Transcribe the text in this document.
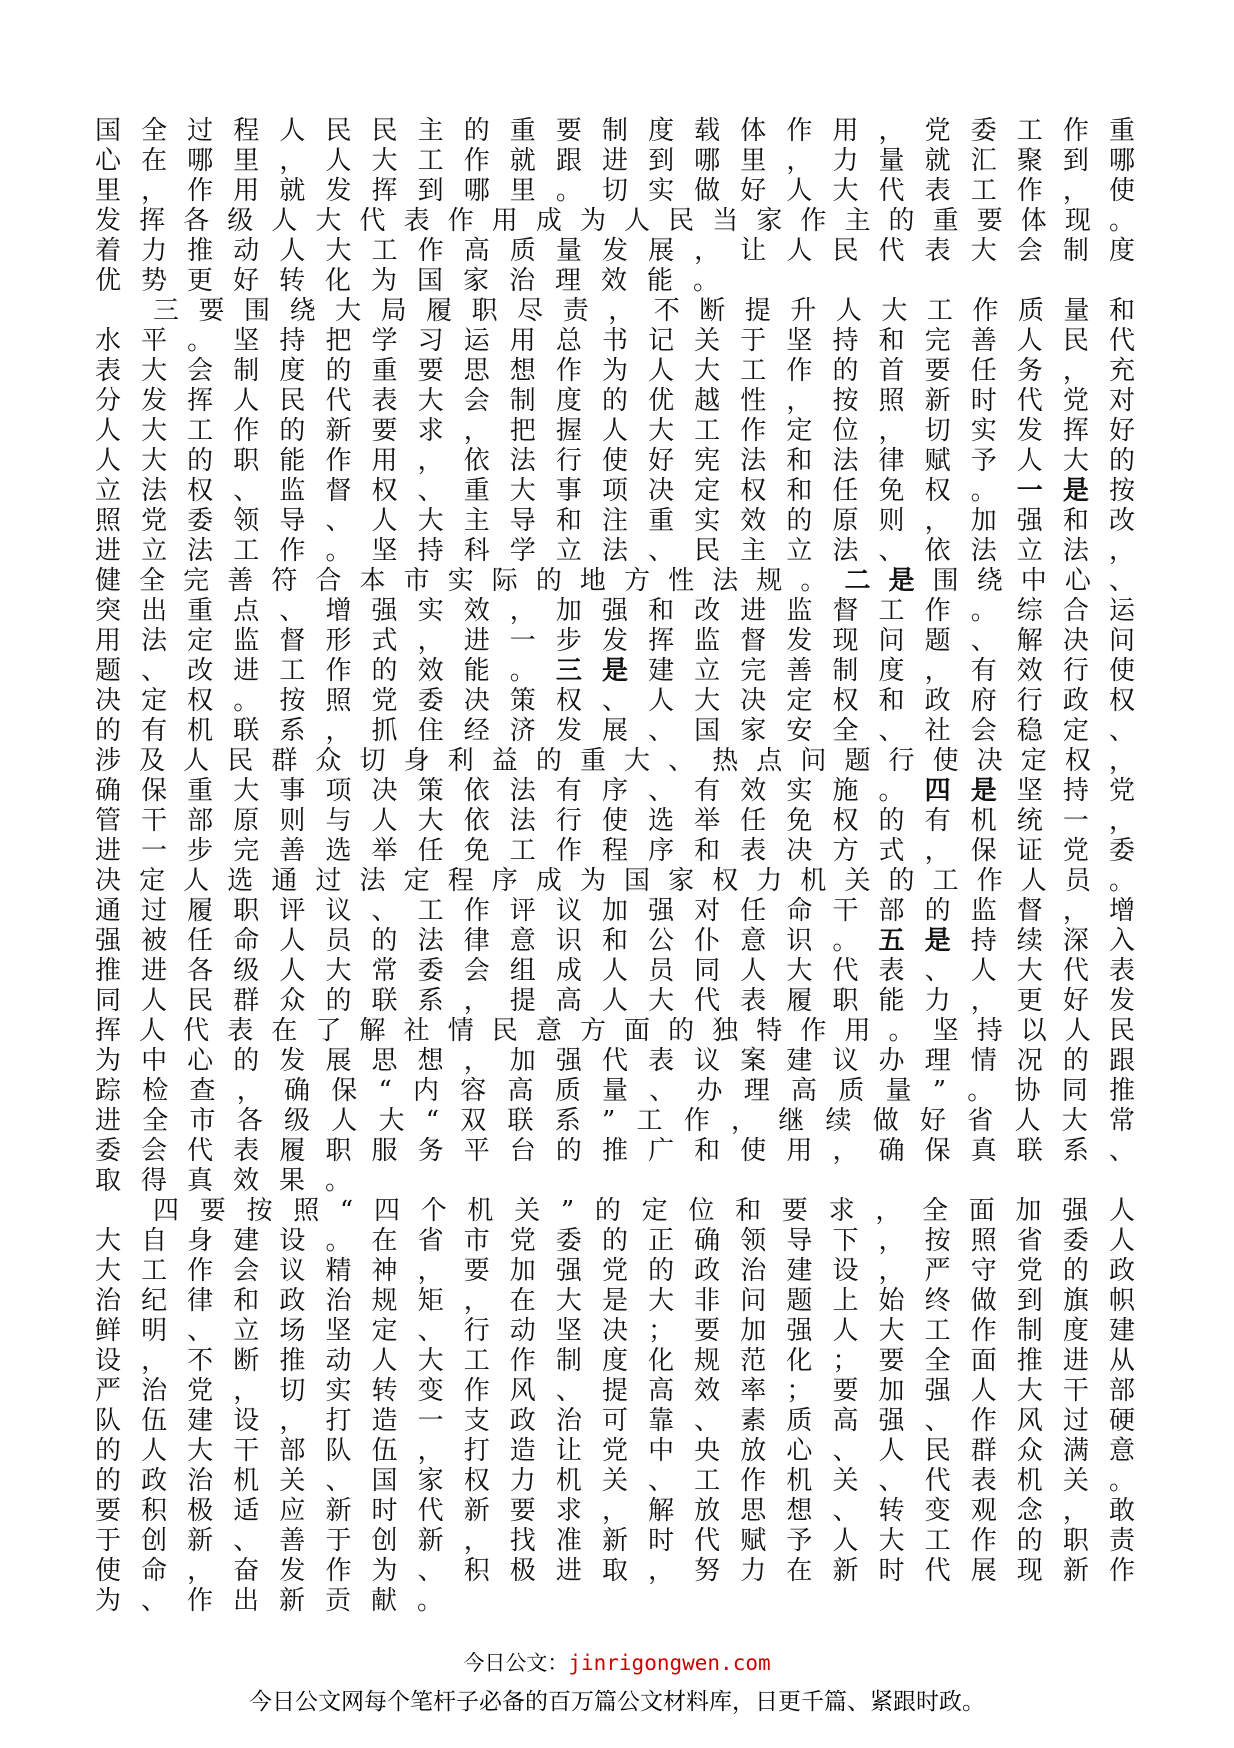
国全过程人民民主的重要制度载体作用，党委工作重
心在哪里，人大工作就跟进到哪里，力量就汇聚到哪
里，作用就发挥到哪里。切实做好人大代表工作，使
发挥各级人大代表作用成为人民当家作主的重要体现。
着力推动人大工作高质量发展，让人民代表大会制度
优势更好转化为国家治理效能。
三要围绕大局履职尽责，不断提升人大工作质量和
水平。坚持把学习运用总书记关于坚持和完善人民代
表大会制度的重要思想作为人大工作的首要任务，充
分发挥人民代表大会制度的优越性，按照新时代党对
人大工作的新要求，把握人大工作定位，切实发挥好
人大的职能作用，依法行使好宪法和法律赋予人大的
立法权、监督权、重大事项决定权和任免权。一是按
照党委领导、人大主导和注重实效的原则，加强和改
进立法工作。坚持科学立法、民主立法、依法立法，
健全完善符合本市实际的地方性法规。二是围绕中心、
突出重点、增强实效，加强和改进监督工作。综合运
用法定监督形式，进一步发挥监督发现问题、解决问
题、改进工作的效能。三是建立完善制度，有效行使
决定权。按照党委决策权、人大决定权和政府行政权
的有机联系，抓住经济发展、国家安全、社会稳定、
涉及人民群众切身利益的重大、热点问题行使决定权，
确保重大事项决策依法有序、有效实施。四是坚持党
管干部原则与人大依法行使选举任免权的有机统一，
进一步完善选举任免工作程序和表决方式，保证党委
决定人选通过法定程序成为国家权力机关的工作人员。
通过履职评议、工作评议加强对任命干部的监督，增
强被任命人员的法律意识和公仆意识。五是持续深入
推进各级人大常委会组成人员同人大代表、人大代表
同人民群众的联系，提高人大代表履职能力，更好发
挥人代表在了解社情民意方面的独特作用。坚持以人民
为中心的发展思想，加强代表议案建议办理情况的跟
踪检查，确保“内容高质量、办理高质量”。协同推
进全市各级人大“双联系”工作，继续做好省人大常
委会代表履职服务平台的推广和使用，确保真联系、
取得真效果。
四要按照“四个机关”的定位和要求，全面加强人
大自身建设。在省市党委的正确领导下，按照省委人
大工作会议精神，要加强党的政治建设，严守党的政
治纪律和政治规矩，在大是大非问题上始终做到旗帜
鲜明、立场坚定、行动坚决；要加强人大工作制度建
设，不断推动人大工作制度化规范化；要全面推进从
严治党，切实转变作风、提高效率；要加强人大干部
队伍建设，打造一支政治可靠、素质高强、作风过硬
的人大干部队伍，打造让党中央放心、人民群众满意
的政治机关、国家权力机关、工作机关、代表机关。
要积极适应新时代新要求，解放思想、转变观念，敢
于创新、善于创新，找准新时代赋予人大工作的职责
使命，奋发作为、积极进取，努力在新时代展现新作
为、作出新贡献。
今日公文：jinrigongwen.com
今日公文网每个笔杆子必备的百万篇公文材料库，日更千篇、紧跟时政。
